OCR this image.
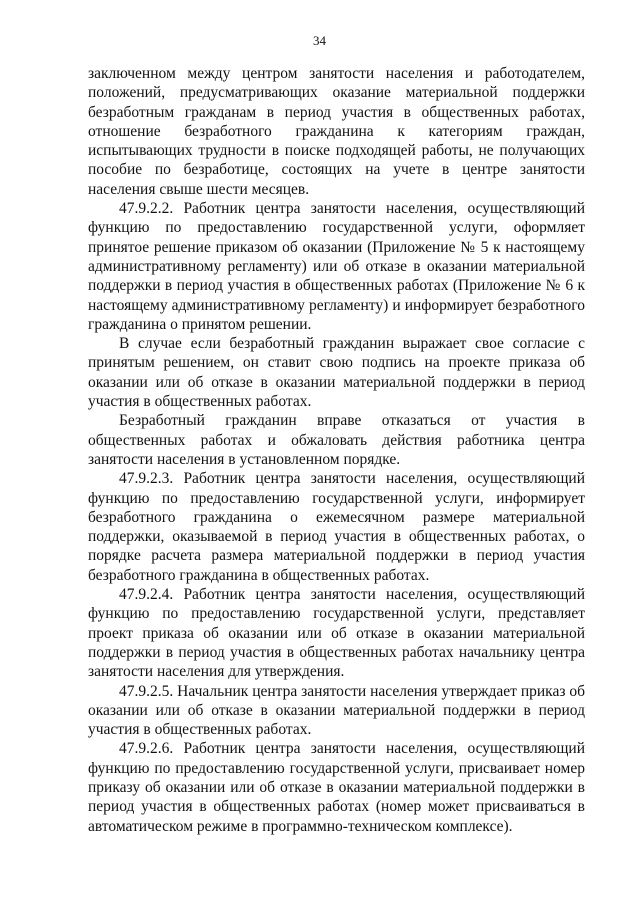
34

заключенном между центром занятости населения и работодателем, положений, предусматривающих оказание материальной поддержки безработным гражданам в период участия в общественных работах, отношение безработного гражданина к категориям граждан, испытывающих трудности в поиске подходящей работы, не получающих пособие по безработице, состоящих на учете в центре занятости населения свыше шести месяцев.

47.9.2.2. Работник центра занятости населения, осуществляющий функцию по предоставлению государственной услуги, оформляет принятое решение приказом об оказании (Приложение № 5 к настоящему административному регламенту) или об отказе в оказании материальной поддержки в период участия в общественных работах (Приложение № 6 к настоящему административному регламенту) и информирует безработного гражданина о принятом решении.

В случае если безработный гражданин выражает свое согласие с принятым решением, он ставит свою подпись на проекте приказа об оказании или об отказе в оказании материальной поддержки в период участия в общественных работах.

Безработный гражданин вправе отказаться от участия в общественных работах и обжаловать действия работника центра занятости населения в установленном порядке.

47.9.2.3. Работник центра занятости населения, осуществляющий функцию по предоставлению государственной услуги, информирует безработного гражданина о ежемесячном размере материальной поддержки, оказываемой в период участия в общественных работах, о порядке расчета размера материальной поддержки в период участия безработного гражданина в общественных работах.

47.9.2.4. Работник центра занятости населения, осуществляющий функцию по предоставлению государственной услуги, представляет проект приказа об оказании или об отказе в оказании материальной поддержки в период участия в общественных работах начальнику центра занятости населения для утверждения.

47.9.2.5. Начальник центра занятости населения утверждает приказ об оказании или об отказе в оказании материальной поддержки в период участия в общественных работах.

47.9.2.6. Работник центра занятости населения, осуществляющий функцию по предоставлению государственной услуги, присваивает номер приказу об оказании или об отказе в оказании материальной поддержки в период участия в общественных работах (номер может присваиваться в автоматическом режиме в программно-техническом комплексе).
